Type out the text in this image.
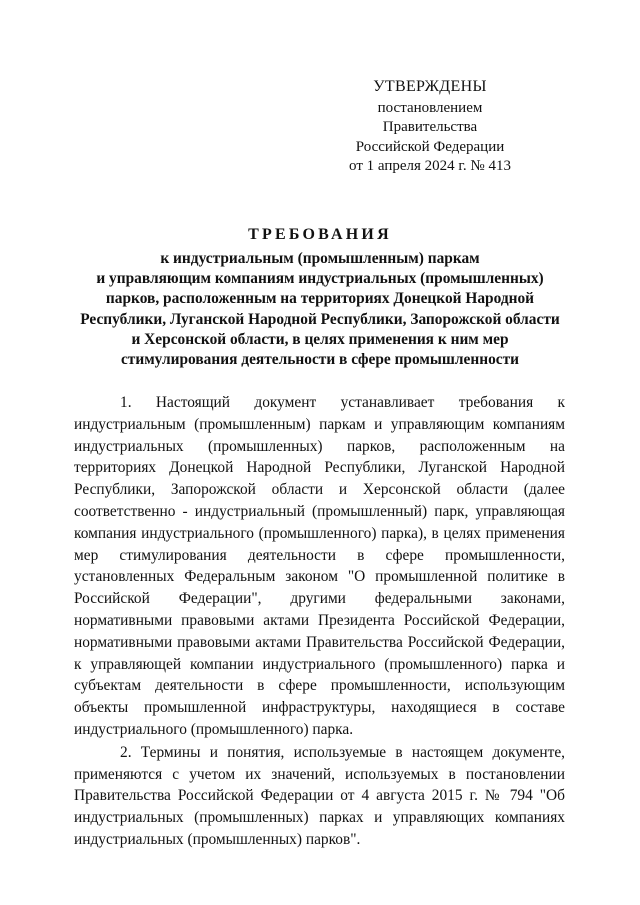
УТВЕРЖДЕНЫ
постановлением Правительства
Российской Федерации
от 1 апреля 2024 г. № 413
ТРЕБОВАНИЯ
к индустриальным (промышленным) паркам
и управляющим компаниям индустриальных (промышленных)
парков, расположенным на территориях Донецкой Народной
Республики, Луганской Народной Республики, Запорожской области
и Херсонской области, в целях применения к ним мер
стимулирования деятельности в сфере промышленности

1. Настоящий документ устанавливает требования к индустриальным (промышленным) паркам и управляющим компаниям индустриальных (промышленных) парков, расположенным на территориях Донецкой Народной Республики, Луганской Народной Республики, Запорожской области и Херсонской области (далее соответственно - индустриальный (промышленный) парк, управляющая компания индустриального (промышленного) парка), в целях применения мер стимулирования деятельности в сфере промышленности, установленных Федеральным законом "О промышленной политике в Российской Федерации", другими федеральными законами, нормативными правовыми актами Президента Российской Федерации, нормативными правовыми актами Правительства Российской Федерации, к управляющей компании индустриального (промышленного) парка и субъектам деятельности в сфере промышленности, использующим объекты промышленной инфраструктуры, находящиеся в составе индустриального (промышленного) парка.

2. Термины и понятия, используемые в настоящем документе, применяются с учетом их значений, используемых в постановлении Правительства Российской Федерации от 4 августа 2015 г. № 794 "Об индустриальных (промышленных) парках и управляющих компаниях индустриальных (промышленных) парков".
